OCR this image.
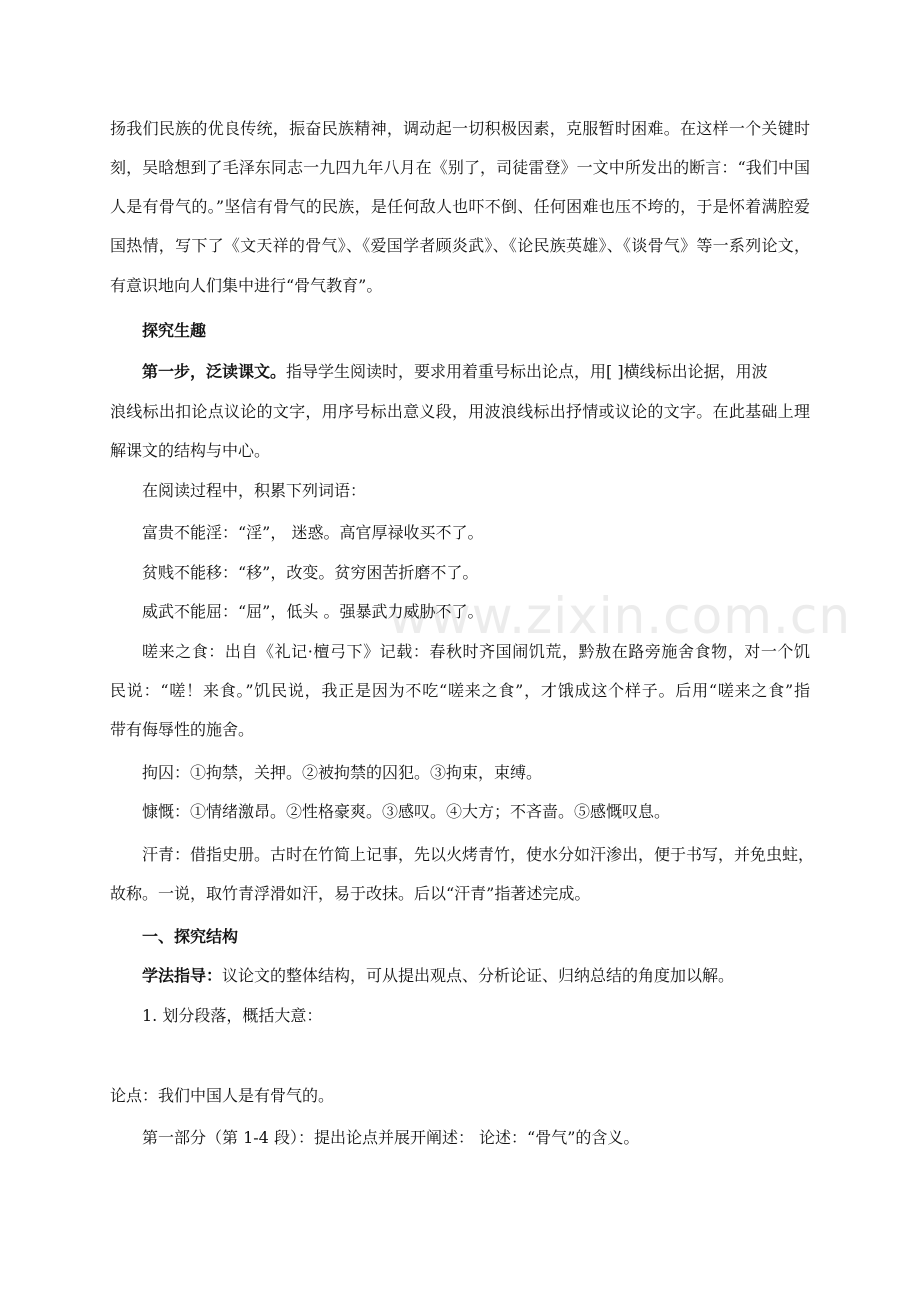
www.zixin.com.cn
扬我们民族的优良传统，振奋民族精神，调动起一切积极因素，克服暂时困难。在这样一个关键时
刻，吴晗想到了毛泽东同志一九四九年八月在《别了，司徒雷登》一文中所发出的断言：“我们中国
人是有骨气的。”坚信有骨气的民族，是任何敌人也吓不倒、任何困难也压不垮的，于是怀着满腔爱
国热情，写下了《文天祥的骨气》、《爱国学者顾炎武》、《论民族英雄》、《谈骨气》等一系列论文，
有意识地向人们集中进行“骨气教育”。
探究生趣
第一步，泛读课文。指导学生阅读时，要求用着重号标出论点，用[ ]横线标出论据，用波
浪线标出扣论点议论的文字，用序号标出意义段，用波浪线标出抒情或议论的文字。在此基础上理
解课文的结构与中心。
在阅读过程中，积累下列词语：
富贵不能淫：“淫”， 迷惑。高官厚禄收买不了。
贫贱不能移：“移”，改变。贫穷困苦折磨不了。
威武不能屈：“屈”，低头 。强暴武力威胁不了。
嗟来之食：出自《礼记·檀弓下》记载：春秋时齐国闹饥荒，黔敖在路旁施舍食物，对一个饥
民说：“嗟！来食。”饥民说，我正是因为不吃“嗟来之食”，才饿成这个样子。后用“嗟来之食”指
带有侮辱性的施舍。
拘囚：①拘禁，关押。②被拘禁的囚犯。③拘束，束缚。
慷慨：①情绪激昂。②性格豪爽。③感叹。④大方；不吝啬。⑤感慨叹息。
汗青：借指史册。古时在竹简上记事，先以火烤青竹，使水分如汗渗出，便于书写，并免虫蛀，
故称。一说，取竹青浮滑如汗，易于改抹。后以“汗青”指著述完成。
一、探究结构
学法指导：议论文的整体结构，可从提出观点、分析论证、归纳总结的角度加以解。
1. 划分段落，概括大意：
论点：我们中国人是有骨气的。
第一部分（第 1-4 段）：提出论点并展开阐述： 论述：“骨气”的含义。
